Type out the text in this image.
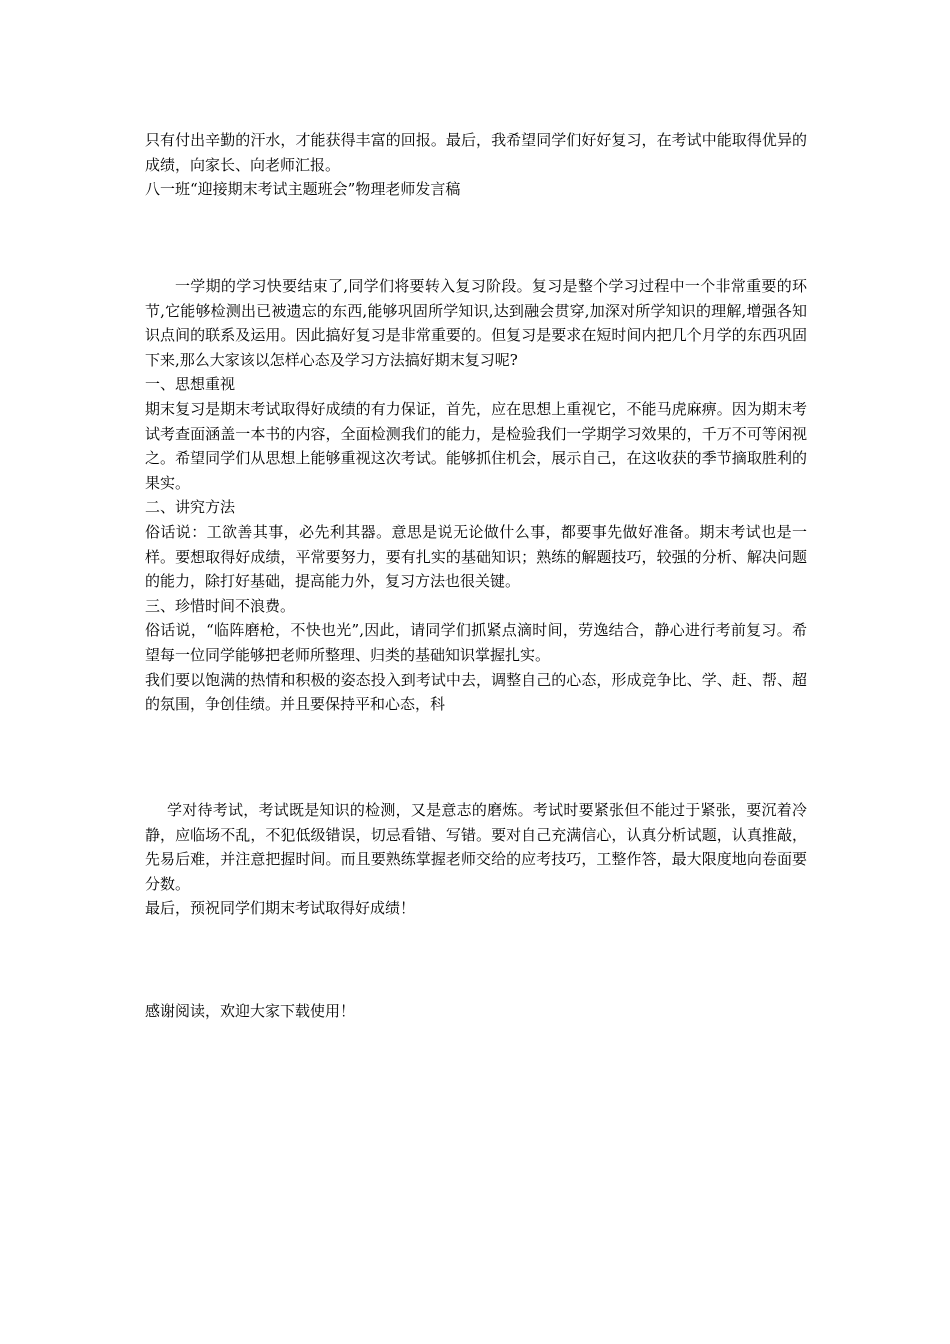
只有付出辛勤的汗水，才能获得丰富的回报。最后，我希望同学们好好复习，在考试中能取得优异的成绩，向家长、向老师汇报。

八一班“迎接期末考试主题班会”物理老师发言稿

一学期的学习快要结束了,同学们将要转入复习阶段。复习是整个学习过程中一个非常重要的环节,它能够检测出已被遗忘的东西,能够巩固所学知识,达到融会贯穿,加深对所学知识的理解,增强各知识点间的联系及运用。因此搞好复习是非常重要的。但复习是要求在短时间内把几个月学的东西巩固下来,那么大家该以怎样心态及学习方法搞好期末复习呢?

一、思想重视

期末复习是期末考试取得好成绩的有力保证，首先，应在思想上重视它，不能马虎麻痹。因为期末考试考查面涵盖一本书的内容，全面检测我们的能力，是检验我们一学期学习效果的，千万不可等闲视之。希望同学们从思想上能够重视这次考试。能够抓住机会，展示自己，在这收获的季节摘取胜利的果实。

二、讲究方法

俗话说：工欲善其事，必先利其器。意思是说无论做什么事，都要事先做好准备。期末考试也是一样。要想取得好成绩，平常要努力，要有扎实的基础知识；熟练的解题技巧，较强的分析、解决问题的能力，除打好基础，提高能力外，复习方法也很关键。

三、珍惜时间不浪费。

俗话说，“临阵磨枪，不快也光”,因此，请同学们抓紧点滴时间，劳逸结合，静心进行考前复习。希望每一位同学能够把老师所整理、归类的基础知识掌握扎实。

我们要以饱满的热情和积极的姿态投入到考试中去，调整自己的心态，形成竞争比、学、赶、帮、超的氛围，争创佳绩。并且要保持平和心态，科

学对待考试，考试既是知识的检测，又是意志的磨炼。考试时要紧张但不能过于紧张，要沉着冷静，应临场不乱，不犯低级错误，切忌看错、写错。要对自己充满信心，认真分析试题，认真推敲，先易后难，并注意把握时间。而且要熟练掌握老师交给的应考技巧，工整作答，最大限度地向卷面要分数。

最后，预祝同学们期末考试取得好成绩！

感谢阅读，欢迎大家下载使用！
